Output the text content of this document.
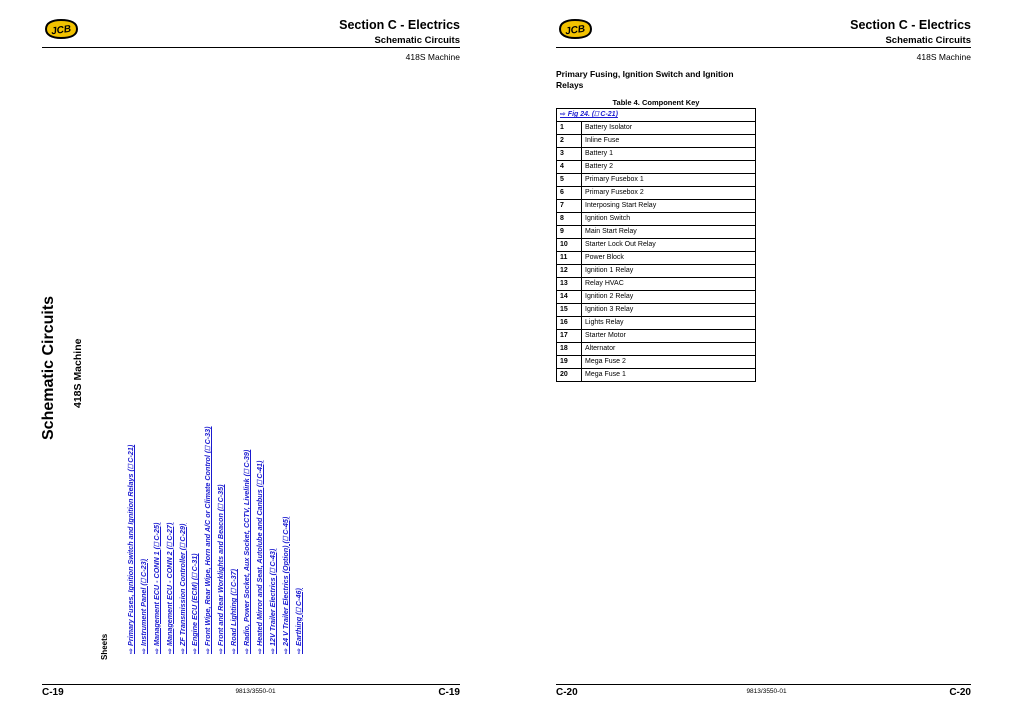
JCB	Section C - Electrics
Schematic Circuits
418S Machine
Schematic Circuits 418S Machine
Sheets ⇨ Primary Fuses, Ignition Switch and Ignition Relays (⎕ C-21) ⇨ Instrument Panel (⎕ C-23) ⇨ Management ECU - CONN 1 (⎕ C-25) ⇨ Management ECU - CONN 2 (⎕ C-27) ⇨ ZF Transmission Controller (⎕ C-29) ⇨ Engine ECU (ECM) (⎕ C-31) ⇨ Front Wipe, Rear Wipe, Horn and A/C or Climate Control (⎕ C-33) ⇨ Front and Rear Worklights and Beacon (⎕ C-35) ⇨ Road Lighting (⎕ C-37) ⇨ Radio, Power Socket, Aux Socket, CCTV, Livelink (⎕ C-39) ⇨ Heated Mirror and Seat, Autolube and Canbus (⎕ C-41) ⇨ 12V Trailer Electrics (⎕ C-43) ⇨ 24 V Trailer Electrics (Option) (⎕ C-45) ⇨ Earthing (⎕ C-46)
C-19	9813/3550-01	C-19
JCB	Section C - Electrics
Schematic Circuits
418S Machine
Primary Fusing, Ignition Switch and Ignition Relays
Table 4. Component Key
⇨ Fig 24. (⎕ C-21)	
1	Battery Isolator
2	Inline Fuse
3	Battery 1
4	Battery 2
5	Primary Fusebox 1
6	Primary Fusebox 2
7	Interposing Start Relay
8	Ignition Switch
9	Main Start Relay
10	Starter Lock Out Relay
11	Power Block
12	Ignition 1 Relay
13	Relay HVAC
14	Ignition 2 Relay
15	Ignition 3 Relay
16	Lights Relay
17	Starter Motor
18	Alternator
19	Mega Fuse 2
20	Mega Fuse 1
C-20	9813/3550-01	C-20
